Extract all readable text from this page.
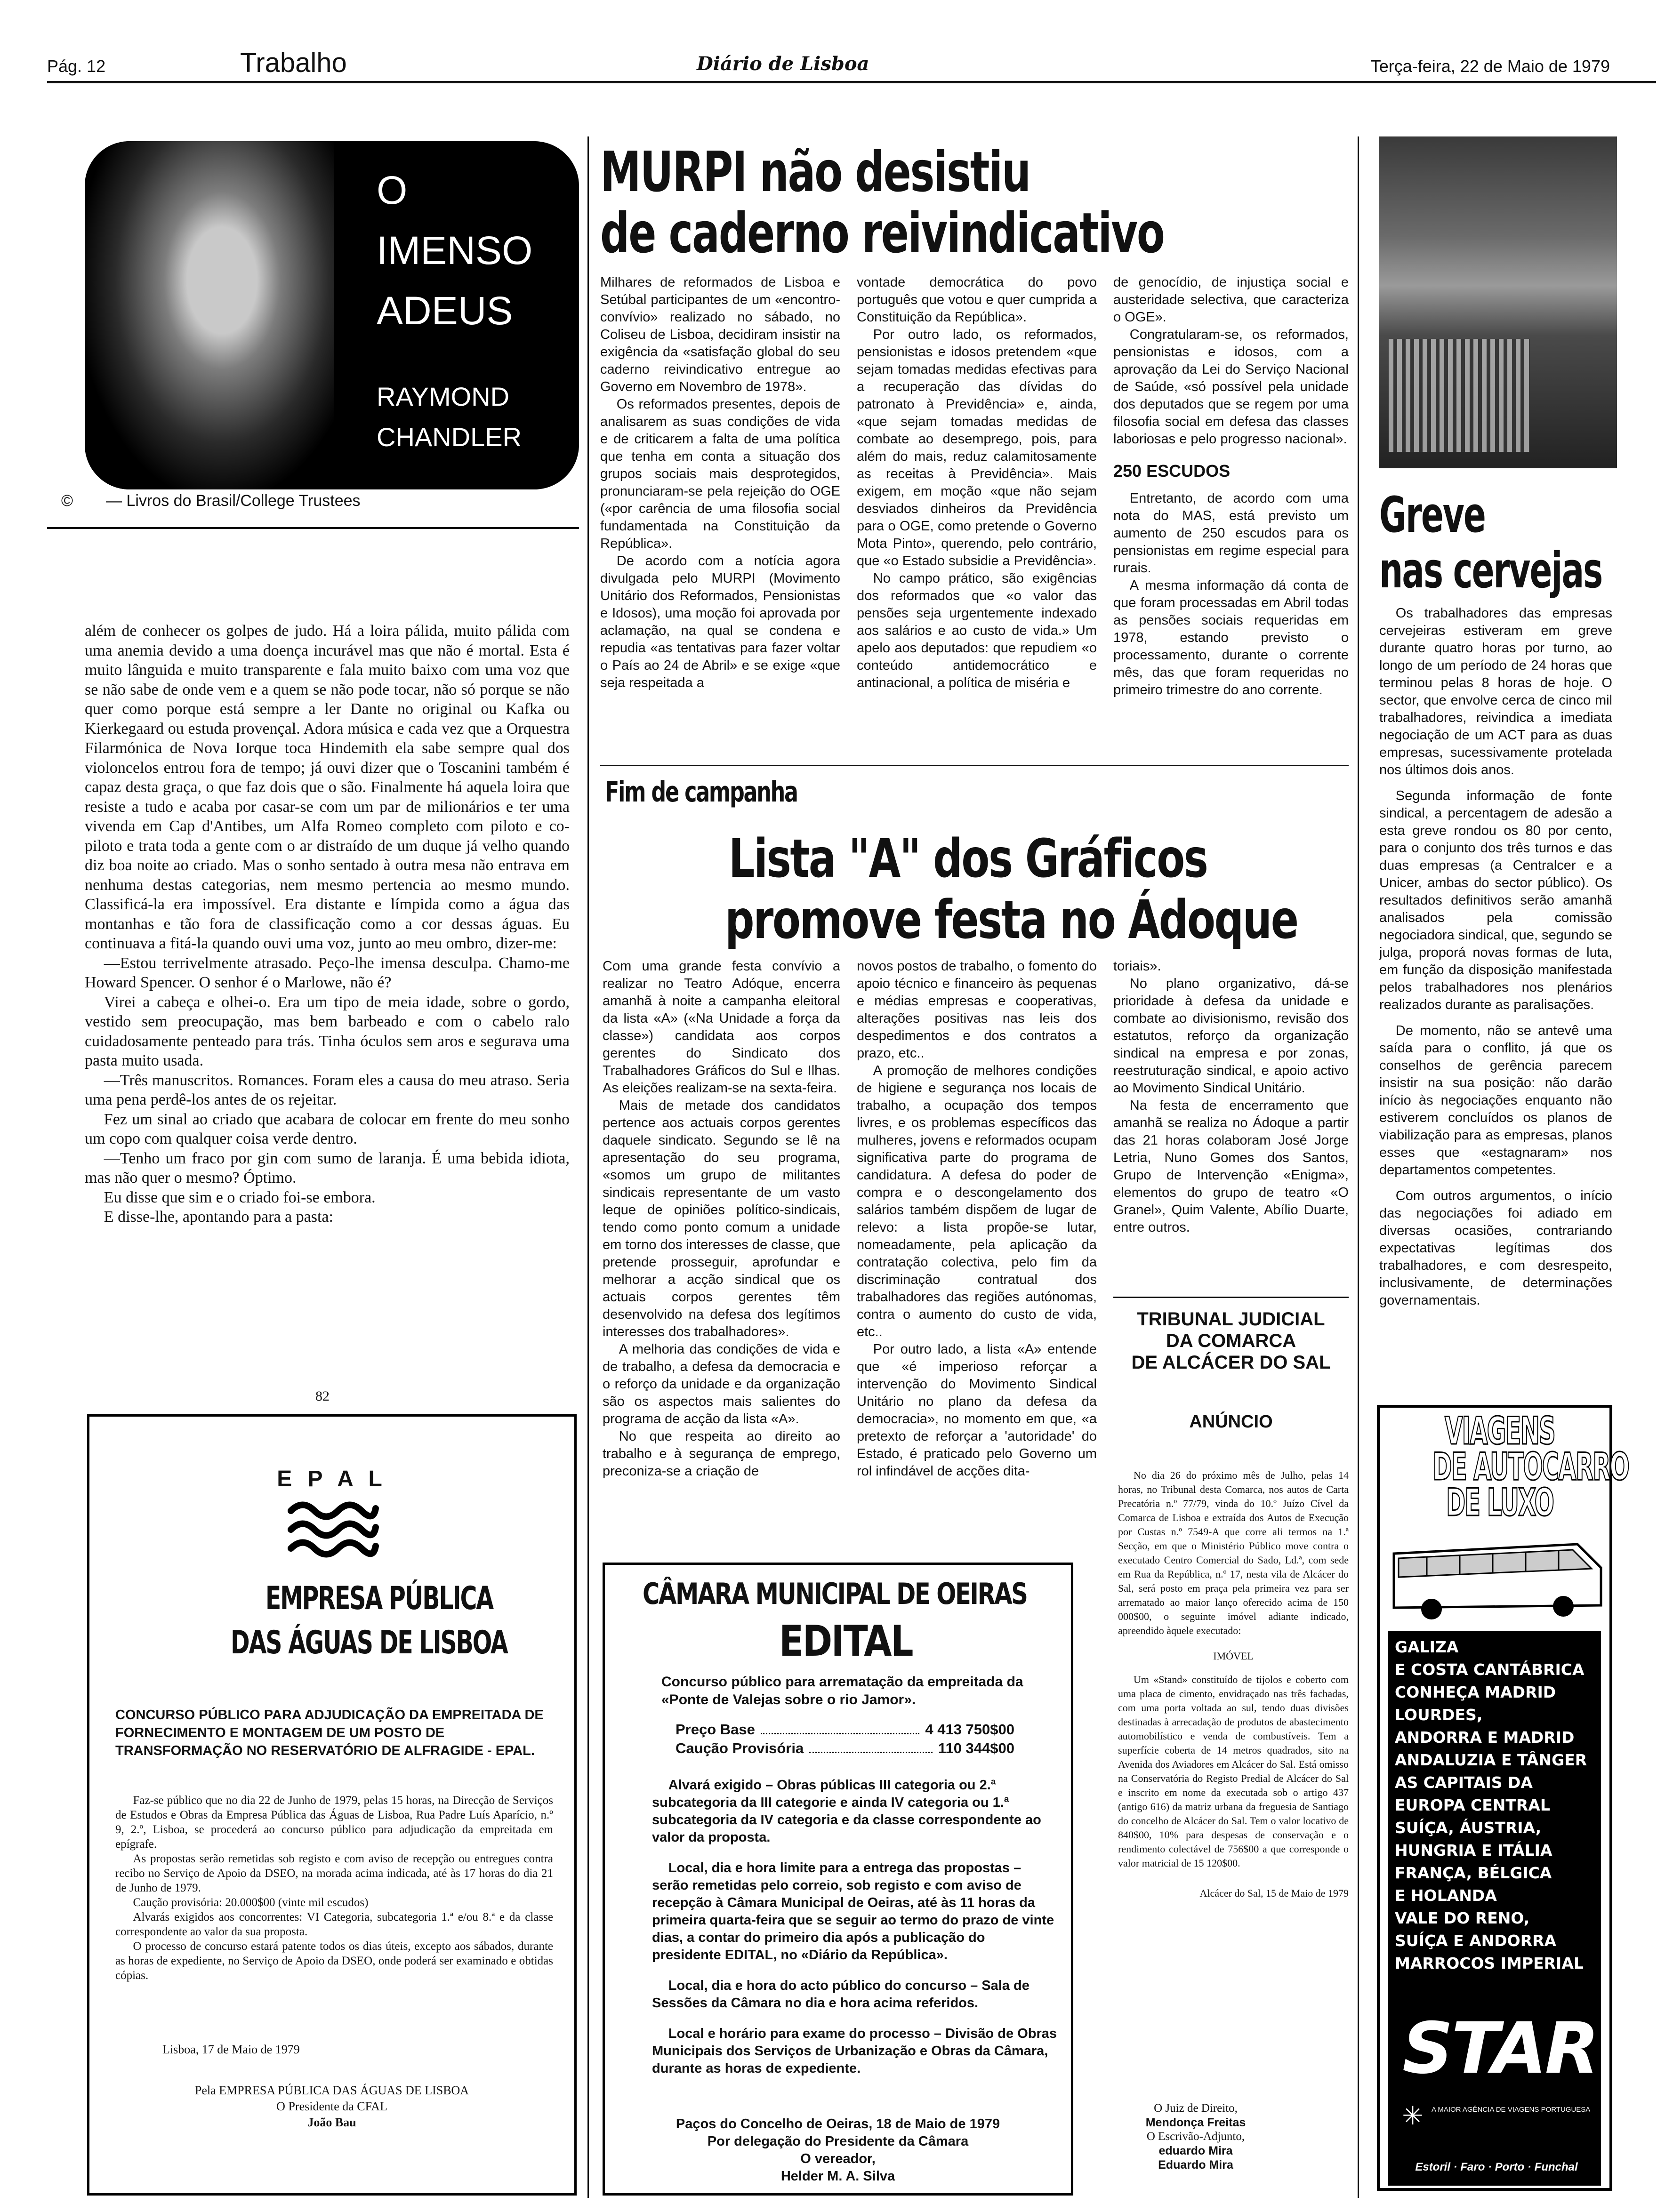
Pág. 12	Trabalho	Diário de Lisboa	Terça-feira, 22 de Maio de 1979
O
IMENSO
ADEUS
RAYMOND
CHANDLER
© — Livros do Brasil/College Trustees

além de conhecer os golpes de judo. Há a loira pálida, muito pálida com uma anemia devido a uma doença incurável mas que não é mortal. Esta é muito lânguida e muito transparente e fala muito baixo com uma voz que se não sabe de onde vem e a quem se não pode tocar, não só porque se não quer como porque está sempre a ler Dante no original ou Kafka ou Kierkegaard ou estuda provençal. Adora música e cada vez que a Orquestra Filarmónica de Nova Iorque toca Hindemith ela sabe sempre qual dos violoncelos entrou fora de tempo; já ouvi dizer que o Toscanini também é capaz desta graça, o que faz dois que o são. Finalmente há aquela loira que resiste a tudo e acaba por casar-se com um par de milionários e ter uma vivenda em Cap d'Antibes, um Alfa Romeo completo com piloto e co-piloto e trata toda a gente com o ar distraído de um duque já velho quando diz boa noite ao criado. Mas o sonho sentado à outra mesa não entrava em nenhuma destas categorias, nem mesmo pertencia ao mesmo mundo. Classificá-la era impossível. Era distante e límpida como a água das montanhas e tão fora de classificação como a cor dessas águas. Eu continuava a fitá-la quando ouvi uma voz, junto ao meu ombro, dizer-me:

—Estou terrivelmente atrasado. Peço-lhe imensa desculpa. Chamo-me Howard Spencer. O senhor é o Marlowe, não é?

Virei a cabeça e olhei-o. Era um tipo de meia idade, sobre o gordo, vestido sem preocupação, mas bem barbeado e com o cabelo ralo cuidadosamente penteado para trás. Tinha óculos sem aros e segurava uma pasta muito usada.

—Três manuscritos. Romances. Foram eles a causa do meu atraso. Seria uma pena perdê-los antes de os rejeitar.

Fez um sinal ao criado que acabara de colocar em frente do meu sonho um copo com qualquer coisa verde dentro.

—Tenho um fraco por gin com sumo de laranja. É uma bebida idiota, mas não quer o mesmo? Óptimo.

Eu disse que sim e o criado foi-se embora.

E disse-lhe, apontando para a pasta:

82
MURPI não desistiu
de caderno reivindicativo

Milhares de reformados de Lisboa e Setúbal participantes de um «encontro-convívio» realizado no sábado, no Coliseu de Lisboa, decidiram insistir na exigência da «satisfação global do seu caderno reivindicativo entregue ao Governo em Novembro de 1978».

Os reformados presentes, depois de analisarem as suas condições de vida e de criticarem a falta de uma política que tenha em conta a situação dos grupos sociais mais desprotegidos, pronunciaram-se pela rejeição do OGE («por carência de uma filosofia social fundamentada na Constituição da República».

De acordo com a notícia agora divulgada pelo MURPI (Movimento Unitário dos Reformados, Pensionistas e Idosos), uma moção foi aprovada por aclamação, na qual se condena e repudia «as tentativas para fazer voltar o País ao 24 de Abril» e se exige «que seja respeitada a

vontade democrática do povo português que votou e quer cumprida a Constituição da República».

Por outro lado, os reformados, pensionistas e idosos pretendem «que sejam tomadas medidas efectivas para a recuperação das dívidas do patronato à Previdência» e, ainda, «que sejam tomadas medidas de combate ao desemprego, pois, para além do mais, reduz calamitosamente as receitas à Previdência». Mais exigem, em moção «que não sejam desviados dinheiros da Previdência para o OGE, como pretende o Governo Mota Pinto», querendo, pelo contrário, que «o Estado subsidie a Previdência».

No campo prático, são exigências dos reformados que «o valor das pensões seja urgentemente indexado aos salários e ao custo de vida.» Um apelo aos deputados: que repudiem «o conteúdo antidemocrático e antinacional, a política de miséria e

de genocídio, de injustiça social e austeridade selectiva, que caracteriza o OGE».

Congratularam-se, os reformados, pensionistas e idosos, com a aprovação da Lei do Serviço Nacional de Saúde, «só possível pela unidade dos deputados que se regem por uma filosofia social em defesa das classes laboriosas e pelo progresso nacional».

250 ESCUDOS

Entretanto, de acordo com uma nota do MAS, está previsto um aumento de 250 escudos para os pensionistas em regime especial para rurais.

A mesma informação dá conta de que foram processadas em Abril todas as pensões sociais requeridas em 1978, estando previsto o processamento, durante o corrente mês, das que foram requeridas no primeiro trimestre do ano corrente.

Fim de campanha
Lista "A" dos Gráficos
promove festa no Ádoque

Com uma grande festa convívio a realizar no Teatro Adóque, encerra amanhã à noite a campanha eleitoral da lista «A» («Na Unidade a força da classe») candidata aos corpos gerentes do Sindicato dos Trabalhadores Gráficos do Sul e Ilhas. As eleições realizam-se na sexta-feira.

Mais de metade dos candidatos pertence aos actuais corpos gerentes daquele sindicato. Segundo se lê na apresentação do seu programa, «somos um grupo de militantes sindicais representante de um vasto leque de opiniões político-sindicais, tendo como ponto comum a unidade em torno dos interesses de classe, que pretende prosseguir, aprofundar e melhorar a acção sindical que os actuais corpos gerentes têm desenvolvido na defesa dos legítimos interesses dos trabalhadores».

A melhoria das condições de vida e de trabalho, a defesa da democracia e o reforço da unidade e da organização são os aspectos mais salientes do programa de acção da lista «A».

No que respeita ao direito ao trabalho e à segurança de emprego, preconiza-se a criação de

novos postos de trabalho, o fomento do apoio técnico e financeiro às pequenas e médias empresas e cooperativas, alterações positivas nas leis dos despedimentos e dos contratos a prazo, etc..

A promoção de melhores condições de higiene e segurança nos locais de trabalho, a ocupação dos tempos livres, e os problemas específicos das mulheres, jovens e reformados ocupam significativa parte do programa de candidatura. A defesa do poder de compra e o descongelamento dos salários também dispõem de lugar de relevo: a lista propõe-se lutar, nomeadamente, pela aplicação da contratação colectiva, pelo fim da discriminação contratual dos trabalhadores das regiões autónomas, contra o aumento do custo de vida, etc..

Por outro lado, a lista «A» entende que «é imperioso reforçar a intervenção do Movimento Sindical Unitário no plano da defesa da democracia», no momento em que, «a pretexto de reforçar a 'autoridade' do Estado, é praticado pelo Governo um rol infindável de acções dita-

toriais».

No plano organizativo, dá-se prioridade à defesa da unidade e combate ao divisionismo, revisão dos estatutos, reforço da organização sindical na empresa e por zonas, reestruturação sindical, e apoio activo ao Movimento Sindical Unitário.

Na festa de encerramento que amanhã se realiza no Ádoque a partir das 21 horas colaboram José Jorge Letria, Nuno Gomes dos Santos, Grupo de Intervenção «Enigma», elementos do grupo de teatro «O Granel», Quim Valente, Abílio Duarte, entre outros.

Greve
nas cervejas

Os trabalhadores das empresas cervejeiras estiveram em greve durante quatro horas por turno, ao longo de um período de 24 horas que terminou pelas 8 horas de hoje. O sector, que envolve cerca de cinco mil trabalhadores, reivindica a imediata negociação de um ACT para as duas empresas, sucessivamente protelada nos últimos dois anos.

Segunda informação de fonte sindical, a percentagem de adesão a esta greve rondou os 80 por cento, para o conjunto dos três turnos e das duas empresas (a Centralcer e a Unicer, ambas do sector público). Os resultados definitivos serão amanhã analisados pela comissão negociadora sindical, que, segundo se julga, proporá novas formas de luta, em função da disposição manifestada pelos trabalhadores nos plenários realizados durante as paralisações.

De momento, não se antevê uma saída para o conflito, já que os conselhos de gerência parecem insistir na sua posição: não darão início às negociações enquanto não estiverem concluídos os planos de viabilização para as empresas, planos esses que «estagnaram» nos departamentos competentes.

Com outros argumentos, o início das negociações foi adiado em diversas ocasiões, contrariando expectativas legítimas dos trabalhadores, e com desrespeito, inclusivamente, de determinações governamentais.

E P A L
EMPRESA PÚBLICA
DAS ÁGUAS DE LISBOA
CONCURSO PÚBLICO PARA ADJUDICAÇÃO DA EMPREITADA DE FORNECIMENTO E MONTAGEM DE UM POSTO DE TRANSFORMAÇÃO NO RESERVATÓRIO DE ALFRAGIDE - EPAL.

Faz-se público que no dia 22 de Junho de 1979, pelas 15 horas, na Direcção de Serviços de Estudos e Obras da Empresa Pública das Águas de Lisboa, Rua Padre Luís Aparício, n.º 9, 2.º, Lisboa, se procederá ao concurso público para adjudicação da empreitada em epígrafe.

As propostas serão remetidas sob registo e com aviso de recepção ou entregues contra recibo no Serviço de Apoio da DSEO, na morada acima indicada, até às 17 horas do dia 21 de Junho de 1979.

Caução provisória: 20.000$00 (vinte mil escudos)

Alvarás exigidos aos concorrentes: VI Categoria, subcategoria 1.ª e/ou 8.ª e da classe correspondente ao valor da sua proposta.

O processo de concurso estará patente todos os dias úteis, excepto aos sábados, durante as horas de expediente, no Serviço de Apoio da DSEO, onde poderá ser examinado e obtidas cópias.

Lisboa, 17 de Maio de 1979
Pela EMPRESA PÚBLICA DAS ÁGUAS DE LISBOA
O Presidente da CFAL
João Bau
CÂMARA MUNICIPAL DE OEIRAS
EDITAL
Concurso público para arrematação da empreitada da «Ponte de Valejas sobre o rio Jamor».
Preço Base	4 413 750$00
Caução Provisória	110 344$00

Alvará exigido – Obras públicas III categoria ou 2.ª subcategoria da III categorie e ainda IV categoria ou 1.ª subcategoria da IV categoria e da classe correspondente ao valor da proposta.

Local, dia e hora limite para a entrega das propostas – serão remetidas pelo correio, sob registo e com aviso de recepção à Câmara Municipal de Oeiras, até às 11 horas da primeira quarta-feira que se seguir ao termo do prazo de vinte dias, a contar do primeiro dia após a publicação do presidente EDITAL, no «Diário da República».

Local, dia e hora do acto público do concurso – Sala de Sessões da Câmara no dia e hora acima referidos.

Local e horário para exame do processo – Divisão de Obras Municipais dos Serviços de Urbanização e Obras da Câmara, durante as horas de expediente.

Paços do Concelho de Oeiras, 18 de Maio de 1979
Por delegação do Presidente da Câmara
O vereador,
Helder M. A. Silva
TRIBUNAL JUDICIAL
DA COMARCA
DE ALCÁCER DO SAL
ANÚNCIO

No dia 26 do próximo mês de Julho, pelas 14 horas, no Tribunal desta Comarca, nos autos de Carta Precatória n.º 77/79, vinda do 10.º Juízo Cível da Comarca de Lisboa e extraída dos Autos de Execução por Custas n.º 7549-A que corre ali termos na 1.ª Secção, em que o Ministério Público move contra o executado Centro Comercial do Sado, Ld.ª, com sede em Rua da República, n.º 17, nesta vila de Alcácer do Sal, será posto em praça pela primeira vez para ser arrematado ao maior lanço oferecido acima de 150 000$00, o seguinte imóvel adiante indicado, apreendido àquele executado:

IMÓVEL

Um «Stand» constituído de tijolos e coberto com uma placa de cimento, envidraçado nas três fachadas, com uma porta voltada ao sul, tendo duas divisões destinadas à arrecadação de produtos de abastecimento automobilístico e venda de combustíveis. Tem a superfície coberta de 14 metros quadrados, sito na Avenida dos Aviadores em Alcácer do Sal. Está omisso na Conservatória do Registo Predial de Alcácer do Sal e inscrito em nome da executada sob o artigo 437 (antigo 616) da matriz urbana da freguesia de Santiago do concelho de Alcácer do Sal. Tem o valor locativo de 840$00, 10% para despesas de conservação e o rendimento colectável de 756$00 a que corresponde o valor matricial de 15 120$00.

Alcácer do Sal, 15 de Maio de 1979
O Juiz de Direito,
Mendonça Freitas
O Escrivão-Adjunto,
eduardo Mira
Eduardo Mira
VIAGENS
DE AUTOCARRO
DE LUXO
GALIZA
E COSTA CANTÁBRICA
CONHEÇA MADRID
LOURDES,
ANDORRA E MADRID
ANDALUZIA E TÂNGER
AS CAPITAIS DA
EUROPA CENTRAL
SUÍÇA, ÁUSTRIA,
HUNGRIA E ITÁLIA
FRANÇA, BÉLGICA
E HOLANDA
VALE DO RENO,
SUÍÇA E ANDORRA
MARROCOS IMPERIAL
STAR
✳	A MAIOR AGÊNCIA DE VIAGENS PORTUGUESA
Estoril · Faro · Porto · Funchal
